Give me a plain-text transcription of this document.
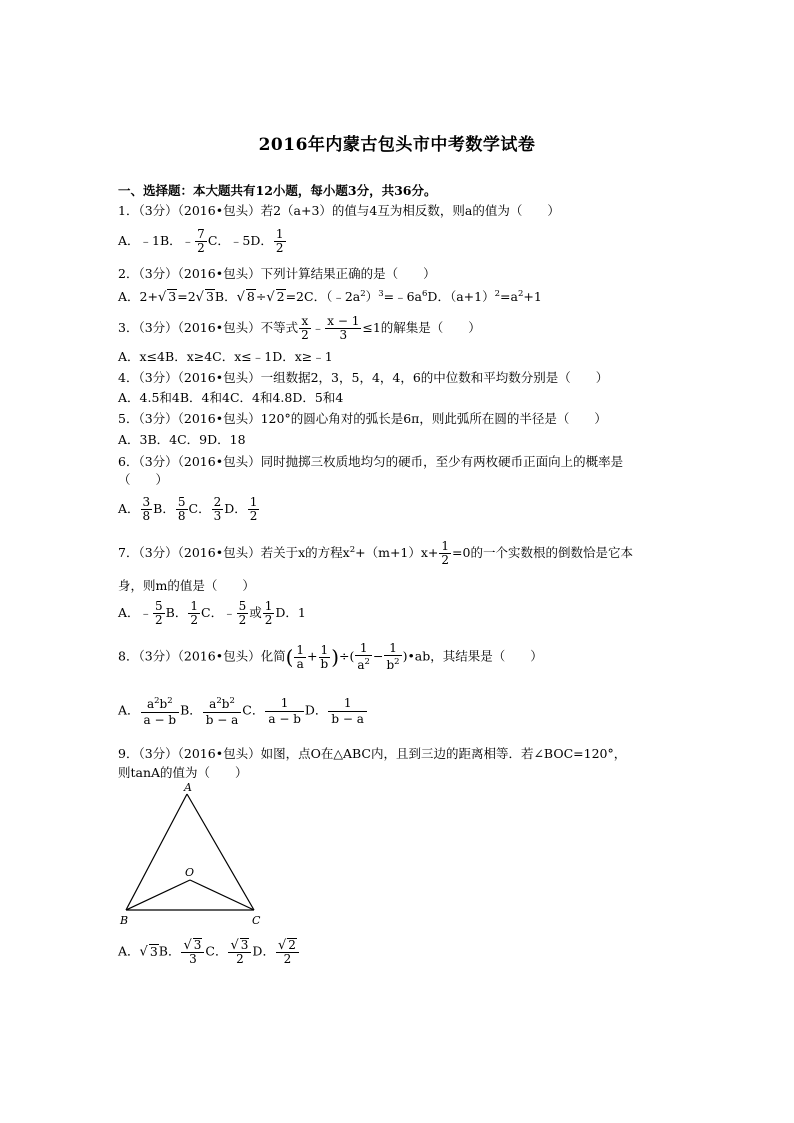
2016年内蒙古包头市中考数学试卷
一、选择题：本大题共有12小题，每小题3分，共36分。
1．（3分）（2016•包头）若2（a+3）的值与4互为相反数，则a的值为（　　）
A．﹣1B．﹣ $\frac{7}{2}$ C．﹣5D． $\frac{1}{2}$
2．（3分）（2016•包头）下列计算结果正确的是（　　）
A．2+√ 3=2√ 3B．√ 8÷√ 2=2C．$(﹣2a^2)^3=﹣6a^6D$．$(a+1)^2=a^2+1$
3．（3分）（2016•包头）不等式 $\frac{x}{2}$ ﹣ $\frac{x - 1}{3} \le 1$的解集是（　　）
A．x≤4B．x≥4C．x≤﹣1D．x≥﹣1
4．（3分）（2016•包头）一组数据2，3，5，4，4，6的中位数和平均数分别是（　　）
A．4.5和4B．4和4C．4和4.8D．5和4
5．（3分）（2016•包头）120°的圆心角对的弧长是6π，则此弧所在圆的半径是（　　）
A．3B．4C．9D．18
6．（3分）（2016•包头）同时抛掷三枚质地均匀的硬币，至少有两枚硬币正面向上的概率是
（　　）
A． $\frac{3}{8}$ B． $\frac{5}{8}$ C． $\frac{2}{3}$ D． $\frac{1}{2}$
7．（3分）（2016•包头）若关于x的方程$x^2+(m+1)x+ \frac{1}{2} =0$的一个实数根的倒数恰是它本
身，则m的值是（　　）
A．﹣ $\frac{5}{2}$ B． $\frac{1}{2}$ C．﹣ $\frac{5}{2}$ 或 $\frac{1}{2}$ D．1
8．（3分）（2016•包头）化简( $\frac{1}{a} + \frac{1}{b}$ )÷( $\frac{1}{a^2} - \frac{1}{b^2}$ )•ab，其结果是（　　）
A． $\frac{a^2b^2}{a - b}$ B． $\frac{a^2b^2}{b - a}$ C． $\frac{1}{a - b}$ D． $\frac{1}{b - a}$
9．（3分）（2016•包头）如图，点O在△ABC内，且到三边的距离相等．若∠BOC=120°，
则tanA的值为（　　）
A
O
B	C
A．√ 3B． $\frac{√ 3}{3}$ C． $\frac{√ 3}{2}$ D． $\frac{√ 2}{2}$
